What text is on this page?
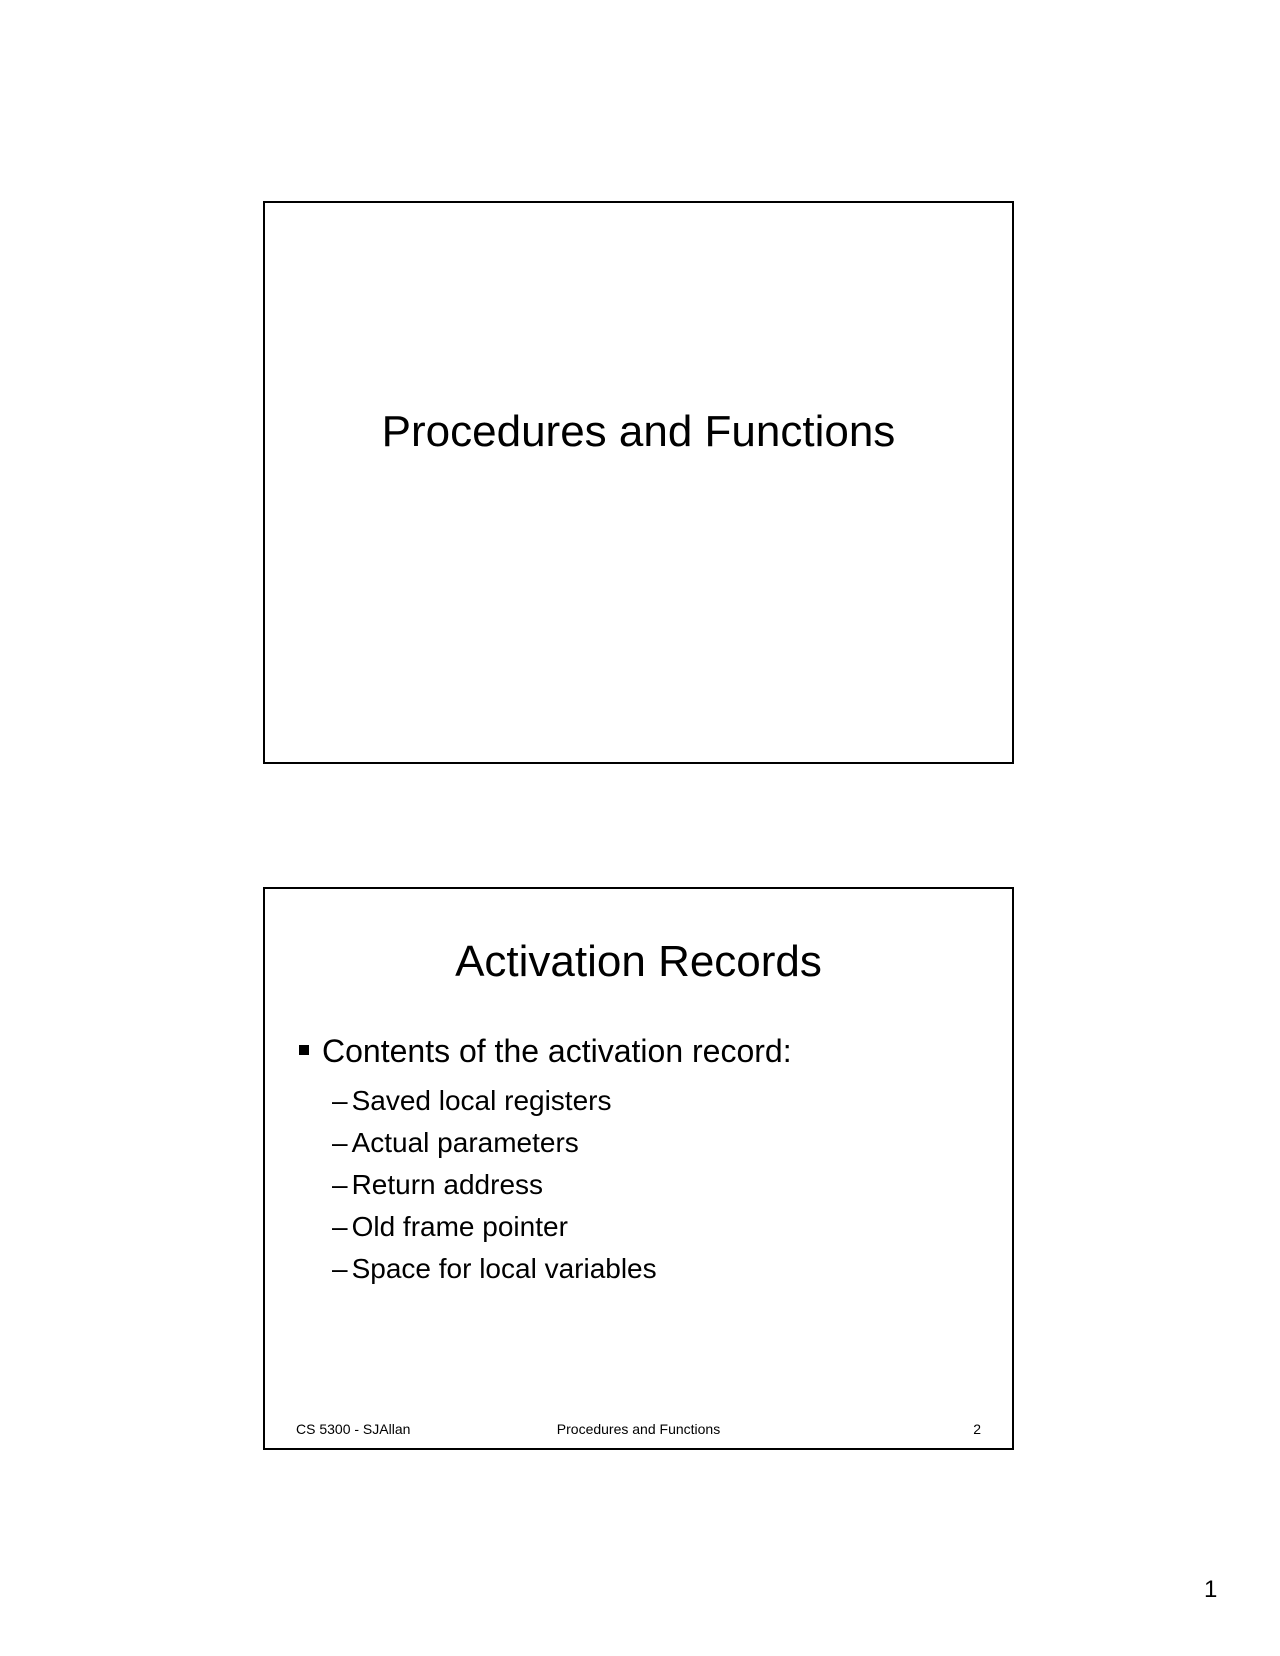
Procedures and Functions
Activation Records
Contents of the activation record:
– Saved local registers
– Actual parameters
– Return address
– Old frame pointer
– Space for local variables
CS 5300 - SJAllan	Procedures and Functions	2
1
